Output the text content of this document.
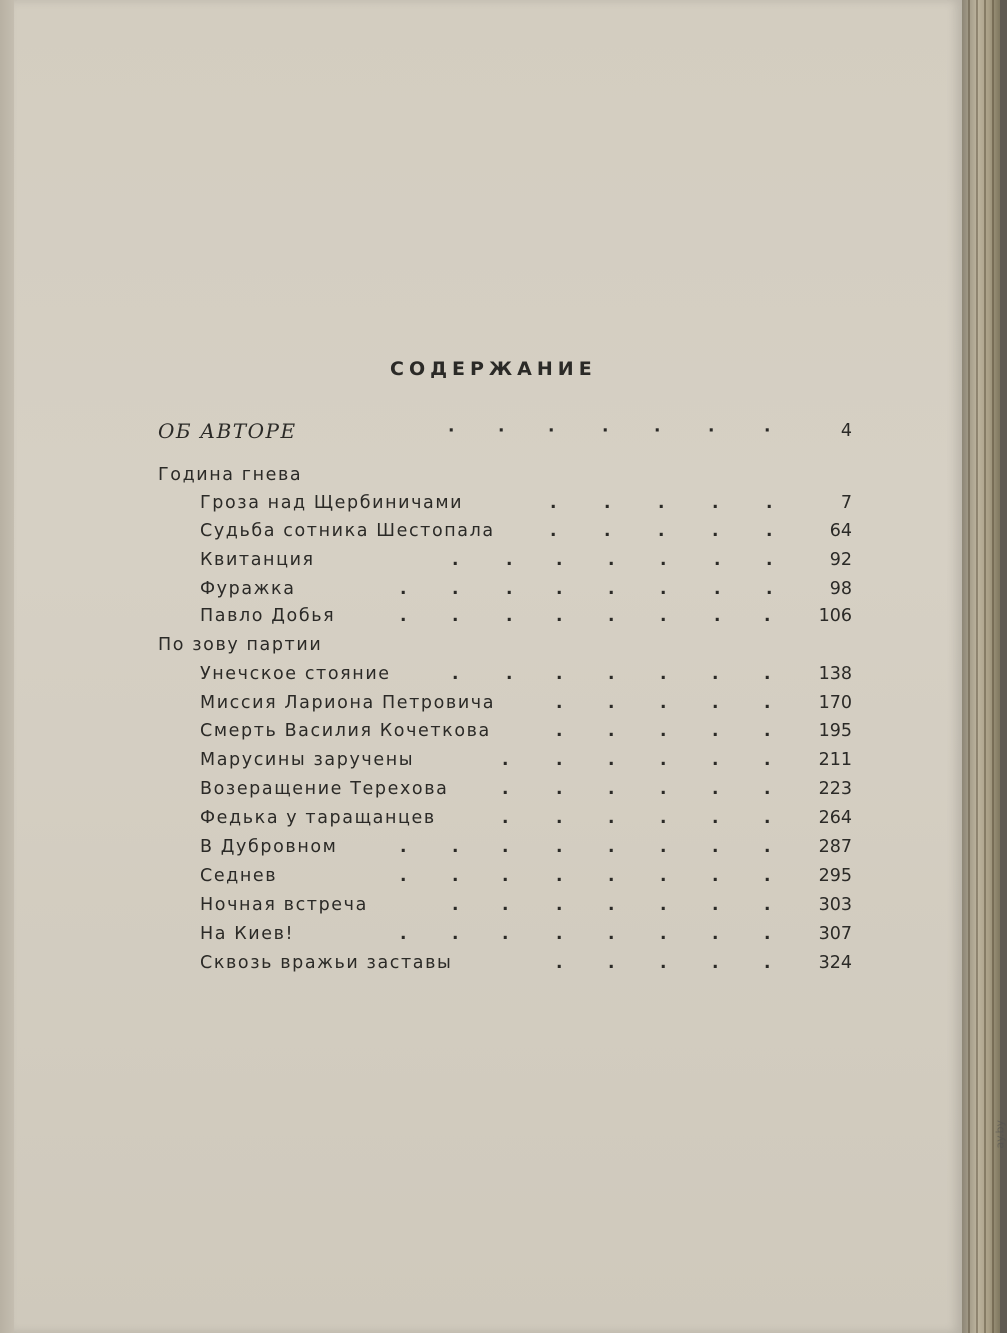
ay.by
СОДЕРЖАНИЕ
ОБ АВТОРЕ	·	·	·	·	·	·	·	4
Година гнева
Гроза над Щербиничами	.	.	.	.	.	7
Судьба сотника Шестопала	.	.	.	.	.	64
Квитанция	.	.	.	.	.	.	.	92
Фуражка	.	.	.	.	.	.	.	.	98
Павло Добья	.	.	.	.	.	.	.	.	106
По зову партии
Унечское стояние	.	.	.	.	.	.	.	138
Миссия Лариона Петровича	.	.	.	.	.	170
Смерть Василия Кочеткова	.	.	.	.	.	195
Марусины заручены	.	.	.	.	.	.	211
Возеращение Терехова	.	.	.	.	.	.	223
Федька у таращанцев	.	.	.	.	.	.	264
В Дубровном	.	.	.	.	.	.	.	.	287
Седнев	.	.	.	.	.	.	.	.	295
Ночная встреча	.	.	.	.	.	.	.	303
На Киев!	.	.	.	.	.	.	.	.	307
Сквозь вражьи заставы	.	.	.	.	.	324
